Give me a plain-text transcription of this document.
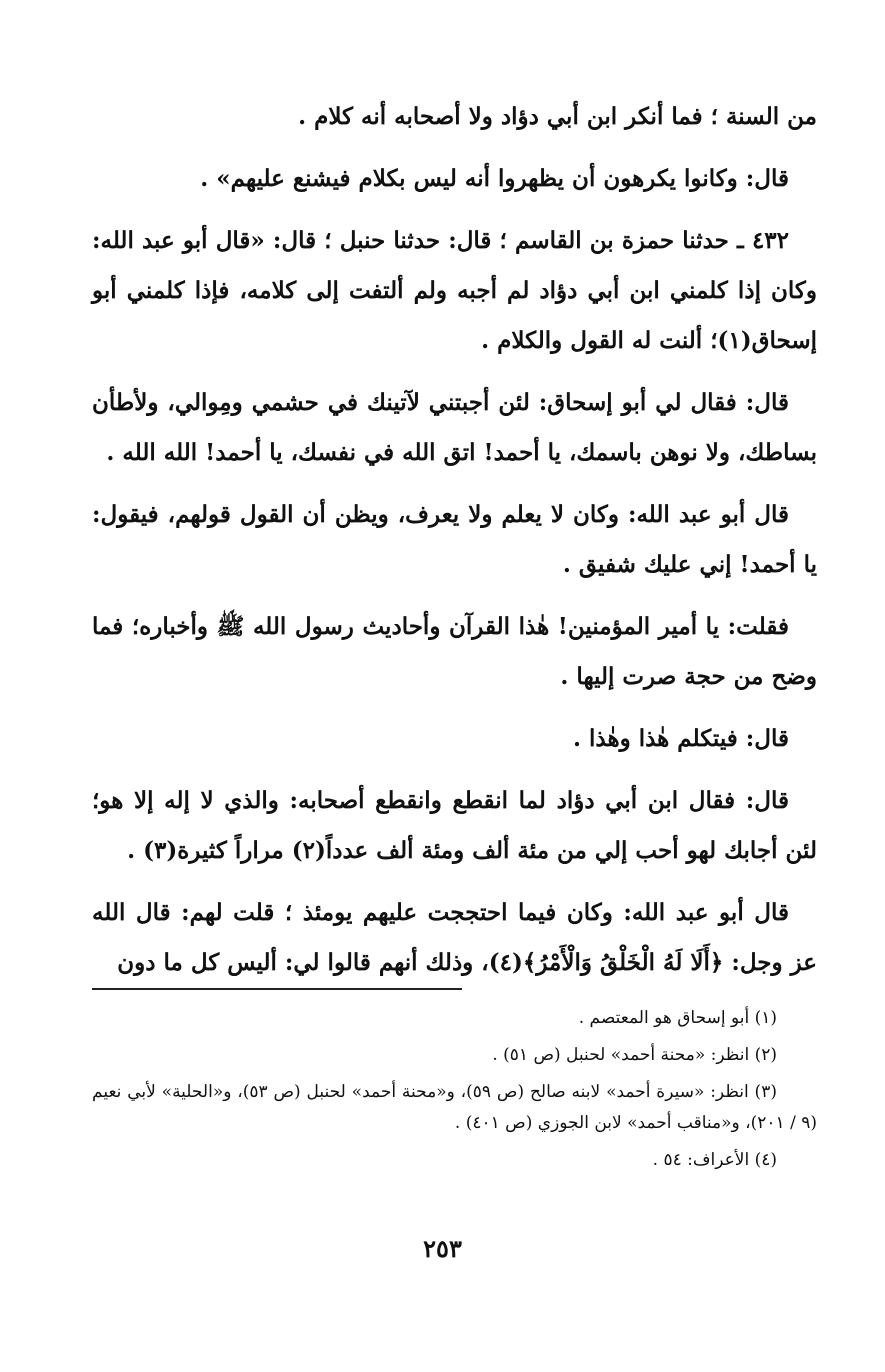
من السنة ؛ فما أنكر ابن أبي دؤاد ولا أصحابه أنه كلام .

قال: وكانوا يكرهون أن يظهروا أنه ليس بكلام فيشنع عليهم» .

٤٣٢ ـ حدثنا حمزة بن القاسم ؛ قال: حدثنا حنبل ؛ قال: «قال أبو عبد الله: وكان إذا كلمني ابن أبي دؤاد لم أجبه ولم ألتفت إلى كلامه، فإذا كلمني أبو إسحاق(١)؛ ألنت له القول والكلام .

قال: فقال لي أبو إسحاق: لئن أجبتني لآتينك في حشمي ومِوالي، ولأطأن بساطك، ولا نوهن باسمك، يا أحمد! اتق الله في نفسك، يا أحمد! الله الله .

قال أبو عبد الله: وكان لا يعلم ولا يعرف، ويظن أن القول قولهم، فيقول: يا أحمد! إني عليك شفيق .

فقلت: يا أمير المؤمنين! هٰذا القرآن وأحاديث رسول الله ﷺ وأخباره؛ فما وضح من حجة صرت إليها .

قال: فيتكلم هٰذا وهٰذا .

قال: فقال ابن أبي دؤاد لما انقطع وانقطع أصحابه: والذي لا إله إلا هو؛ لئن أجابك لهو أحب إلي من مئة ألف ومئة ألف عدداً(٢) مراراً كثيرة(٣) .

قال أبو عبد الله: وكان فيما احتججت عليهم يومئذ ؛ قلت لهم: قال الله عز وجل: ﴿أَلَا لَهُ الْخَلْقُ وَالْأَمْرُ﴾(٤)، وذلك أنهم قالوا لي: أليس كل ما دون

(١) أبو إسحاق هو المعتصم .

(٢) انظر: «محنة أحمد» لحنبل (ص ٥١) .

(٣) انظر: «سيرة أحمد» لابنه صالح (ص ٥٩)، و«محنة أحمد» لحنبل (ص ٥٣)، و«الحلية» لأبي نعيم (٩ / ٢٠١)، و«مناقب أحمد» لابن الجوزي (ص ٤٠١) .

(٤) الأعراف: ٥٤ .

٢٥٣
